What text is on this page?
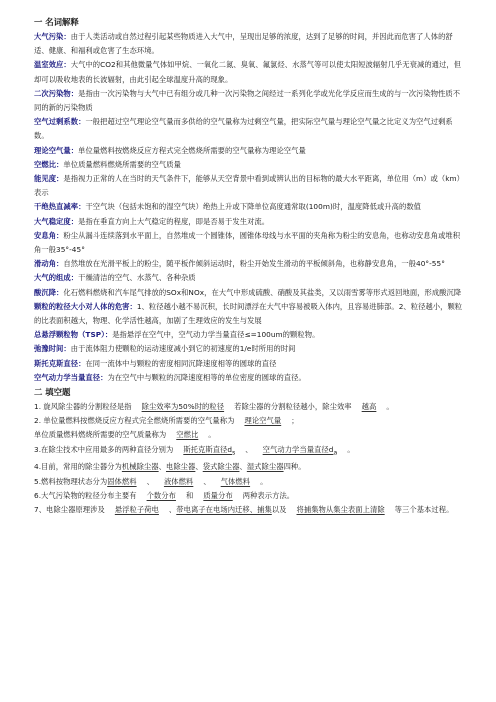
一 名词解释

大气污染：由于人类活动或自然过程引起某些物质进入大气中，呈现出足够的浓度，达到了足够的时间，并因此而危害了人体的舒适、健康、和福利或危害了生态环境。

温室效应：大气中的CO2和其他微量气体如甲烷、一氧化二氮、臭氧、氟氯烃、水蒸气等可以使太阳短波辐射几乎无衰减的通过，但却可以吸收地表的长波辐射，由此引起全球温度升高的现象。

二次污染物：是指由一次污染物与大气中已有组分或几种一次污染物之间经过一系列化学或光化学反应而生成的与一次污染物性质不同的新的污染物质

空气过剩系数：一般把超过空气理论空气量而多供给的空气量称为过剩空气量，把实际空气量与理论空气量之比定义为空气过剩系数。

理论空气量：单位量燃料按燃烧反应方程式完全燃烧所需要的空气量称为理论空气量

空燃比：单位质量燃料燃烧所需要的空气质量

能见度：是指视力正常的人在当时的天气条件下，能够从天空背景中看到或辨认出的目标物的最大水平距离，单位用（m）或（km）表示

干绝热直减率：干空气块（包括未饱和的湿空气块）绝热上升或下降单位高度通常取(100m)时，温度降低或升高的数值

大气稳定度：是指在垂直方向上大气稳定的程度，即是否易于发生对流。

安息角：粉尘从漏斗连续落到水平面上，自然堆成一个圆锥体，圆锥体母线与水平面的夹角称为粉尘的安息角，也称动安息角或堆积角一般35°-45°

滑动角：自然堆放在光滑平板上的粉尘，随平板作倾斜运动时，粉尘开始发生滑动的平板倾斜角，也称静安息角，一般40°-55°

大气的组成：干燥清洁的空气、水蒸气、各种杂质

酸沉降：化石燃料燃烧和汽车尾气排放的SOx和NOx，在大气中形成硫酸、硝酸及其盐类，又以雨雪雾等形式返回地面，形成酸沉降

颗粒的粒径大小对人体的危害：1、粒径越小越不易沉积，长时间漂浮在大气中容易被吸入体内，且容易进肺部。2、粒径越小，颗粒的比表面积越大，物理、化学活性越高，加剧了生理效应的发生与发展

总悬浮颗粒物（TSP）：是指悬浮在空气中，空气动力学当量直径≤=100um的颗粒物。

弛豫时间：由于流体阻力使颗粒的运动速度减小到它的初速度的1/e时所用的时间

斯托克斯直径：在同一流体中与颗粒的密度相同沉降速度相等的圆球的直径

空气动力学当量直径：为在空气中与颗粒的沉降速度相等的单位密度的圆球的直径。

二 填空题

1. 旋风除尘器的分割粒径是指 除尘效率为50%时的粒径 若除尘器的分割粒径越小，除尘效率 越高 。

2. 单位量燃料按燃烧反应方程式完全燃烧所需要的空气量称为 理论空气量 ；
单位质量燃料燃烧所需要的空气质量称为 空燃比 。

3.在除尘技术中应用最多的两种直径分别为 斯托克斯直径$d_s$ 、 空气动力学当量直径$d_a$ 。

4.目前，常用的除尘器分为机械除尘器、电除尘器、袋式除尘器、湿式除尘器四种。

5.燃料按物理状态分为固体燃料 、 液体燃料 、 气体燃料 。

6.大气污染物的粒径分布主要有 个数分布 和 质量分布 两种表示方法。

7、电除尘器原理涉及 悬浮粒子荷电 、带电离子在电场内迁移、捕集以及 将捕集物从集尘表面上清除 等三个基本过程。
